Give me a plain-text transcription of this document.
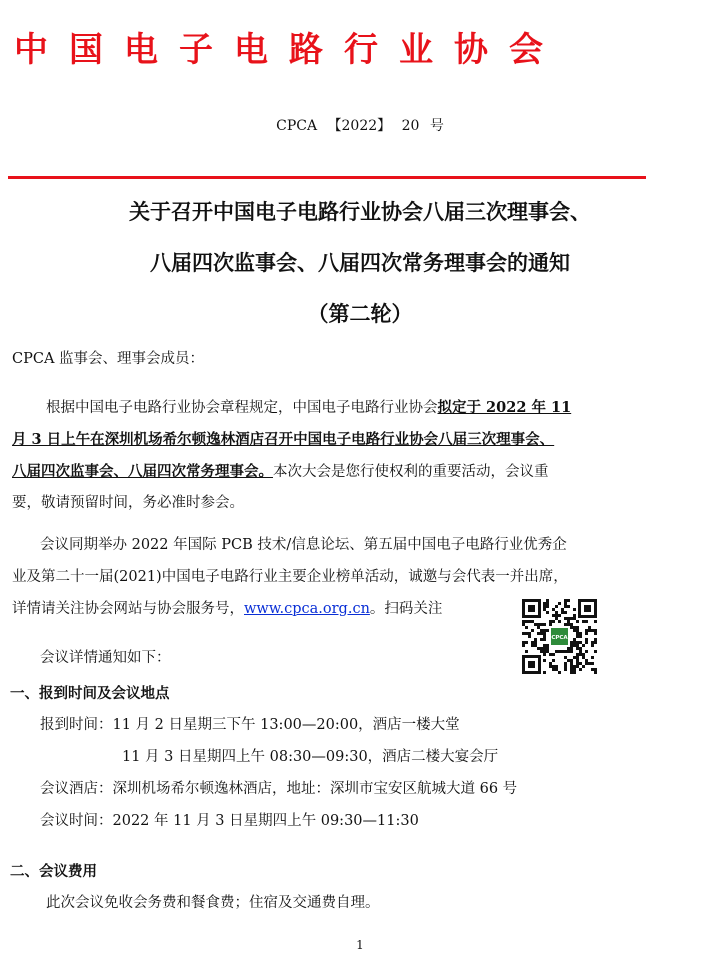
中国电子电路行业协会
CPCA 【2022】 20 号
关于召开中国电子电路行业协会八届三次理事会、
八届四次监事会、八届四次常务理事会的通知
（第二轮）
CPCA 监事会、理事会成员：
根据中国电子电路行业协会章程规定，中国电子电路行业协会拟定于 2022 年 11
月 3 日上午在深圳机场希尔顿逸林酒店召开中国电子电路行业协会八届三次理事会、
八届四次监事会、八届四次常务理事会。本次大会是您行使权利的重要活动，会议重
要，敬请预留时间，务必准时参会。
会议同期举办 2022 年国际 PCB 技术/信息论坛、第五届中国电子电路行业优秀企
业及第二十一届(2021)中国电子电路行业主要企业榜单活动，诚邀与会代表一并出席，
详情请关注协会网站与协会服务号，www.cpca.org.cn。扫码关注
会议详情通知如下：
CPCA
一、报到时间及会议地点
报到时间：11 月 2 日星期三下午 13:00—20:00，酒店一楼大堂
11 月 3 日星期四上午 08:30—09:30，酒店二楼大宴会厅
会议酒店：深圳机场希尔顿逸林酒店，地址：深圳市宝安区航城大道 66 号
会议时间：2022 年 11 月 3 日星期四上午 09:30—11:30
二、会议费用
此次会议免收会务费和餐食费；住宿及交通费自理。
1
